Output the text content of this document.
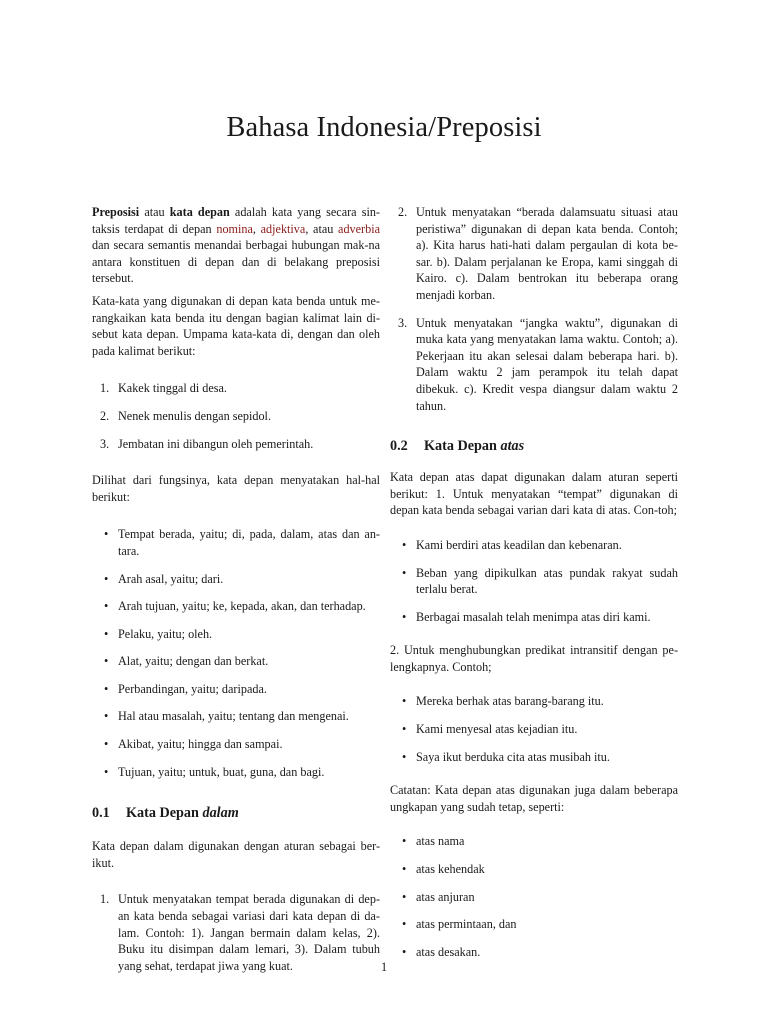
Bahasa Indonesia/Preposisi

Preposisi atau kata depan adalah kata yang secara sin-taksis terdapat di depan nomina, adjektiva, atau adverbia dan secara semantis menandai berbagai hubungan mak-na antara konstituen di depan dan di belakang preposisi tersebut.

Kata-kata yang digunakan di depan kata benda untuk me-rangkaikan kata benda itu dengan bagian kalimat lain di-sebut kata depan. Umpama kata-kata di, dengan dan oleh pada kalimat berikut:

1. Kakek tinggal di desa.
2. Nenek menulis dengan sepidol.
3. Jembatan ini dibangun oleh pemerintah.

Dilihat dari fungsinya, kata depan menyatakan hal-hal berikut:

• Tempat berada, yaitu; di, pada, dalam, atas dan an-tara.
• Arah asal, yaitu; dari.
• Arah tujuan, yaitu; ke, kepada, akan, dan terhadap.
• Pelaku, yaitu; oleh.
• Alat, yaitu; dengan dan berkat.
• Perbandingan, yaitu; daripada.
• Hal atau masalah, yaitu; tentang dan mengenai.
• Akibat, yaitu; hingga dan sampai.
• Tujuan, yaitu; untuk, buat, guna, dan bagi.
0.1 Kata Depan dalam

Kata depan dalam digunakan dengan aturan sebagai ber-ikut.

1. Untuk menyatakan tempat berada digunakan di dep-an kata benda sebagai variasi dari kata depan di da-lam. Contoh: 1). Jangan bermain dalam kelas, 2). Buku itu disimpan dalam lemari, 3). Dalam tubuh yang sehat, terdapat jiwa yang kuat.
2. Untuk menyatakan “berada dalamsuatu situasi atau peristiwa” digunakan di depan kata benda. Contoh; a). Kita harus hati-hati dalam pergaulan di kota be-sar. b). Dalam perjalanan ke Eropa, kami singgah di Kairo. c). Dalam bentrokan itu beberapa orang menjadi korban.
3. Untuk menyatakan “jangka waktu”, digunakan di muka kata yang menyatakan lama waktu. Contoh; a). Pekerjaan itu akan selesai dalam beberapa hari. b). Dalam waktu 2 jam perampok itu telah dapat dibekuk. c). Kredit vespa diangsur dalam waktu 2 tahun.
0.2 Kata Depan atas

Kata depan atas dapat digunakan dalam aturan seperti berikut: 1. Untuk menyatakan “tempat” digunakan di depan kata benda sebagai varian dari kata di atas. Con-toh;

• Kami berdiri atas keadilan dan kebenaran.
• Beban yang dipikulkan atas pundak rakyat sudah terlalu berat.
• Berbagai masalah telah menimpa atas diri kami.

2. Untuk menghubungkan predikat intransitif dengan pe-lengkapnya. Contoh;

• Mereka berhak atas barang-barang itu.
• Kami menyesal atas kejadian itu.
• Saya ikut berduka cita atas musibah itu.

Catatan: Kata depan atas digunakan juga dalam beberapa ungkapan yang sudah tetap, seperti:

• atas nama
• atas kehendak
• atas anjuran
• atas permintaan, dan
• atas desakan.
1
